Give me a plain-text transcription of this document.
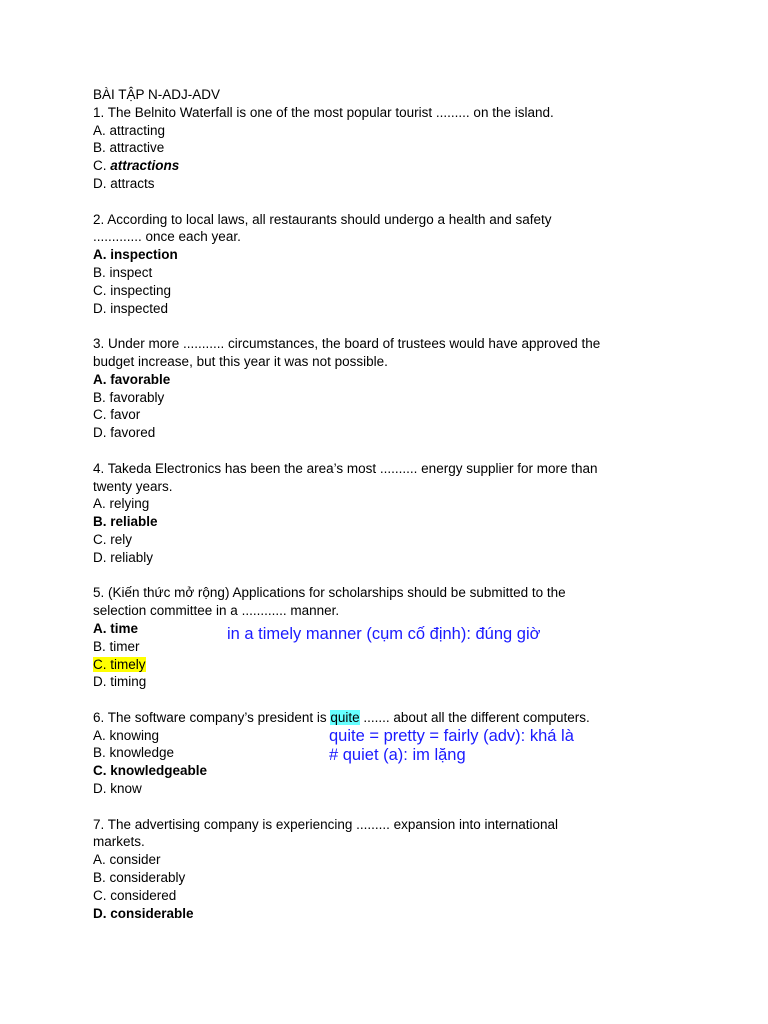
BÀI TẬP N-ADJ-ADV
1. The Belnito Waterfall is one of the most popular tourist ......... on the island.
A. attracting
B. attractive
C. attractions
D. attracts
2. According to local laws, all restaurants should undergo a health and safety
............. once each year.
A. inspection
B. inspect
C. inspecting
D. inspected
3. Under more ........... circumstances, the board of trustees would have approved the
budget increase, but this year it was not possible.
A. favorable
B. favorably
C. favor
D. favored
4. Takeda Electronics has been the area’s most .......... energy supplier for more than
twenty years.
A. relying
B. reliable
C. rely
D. reliably
5. (Kiến thức mở rộng) Applications for scholarships should be submitted to the
selection committee in a ............ manner.
A. time
B. timer
C. timely
D. timing
6. The software company’s president is quite ....... about all the different computers.
A. knowing
B. knowledge
C. knowledgeable
D. know
7. The advertising company is experiencing ......... expansion into international
markets.
A. consider
B. considerably
C. considered
D. considerable
in a timely manner (cụm cố định): đúng giờ
quite = pretty = fairly (adv): khá là
# quiet (a): im lặng
